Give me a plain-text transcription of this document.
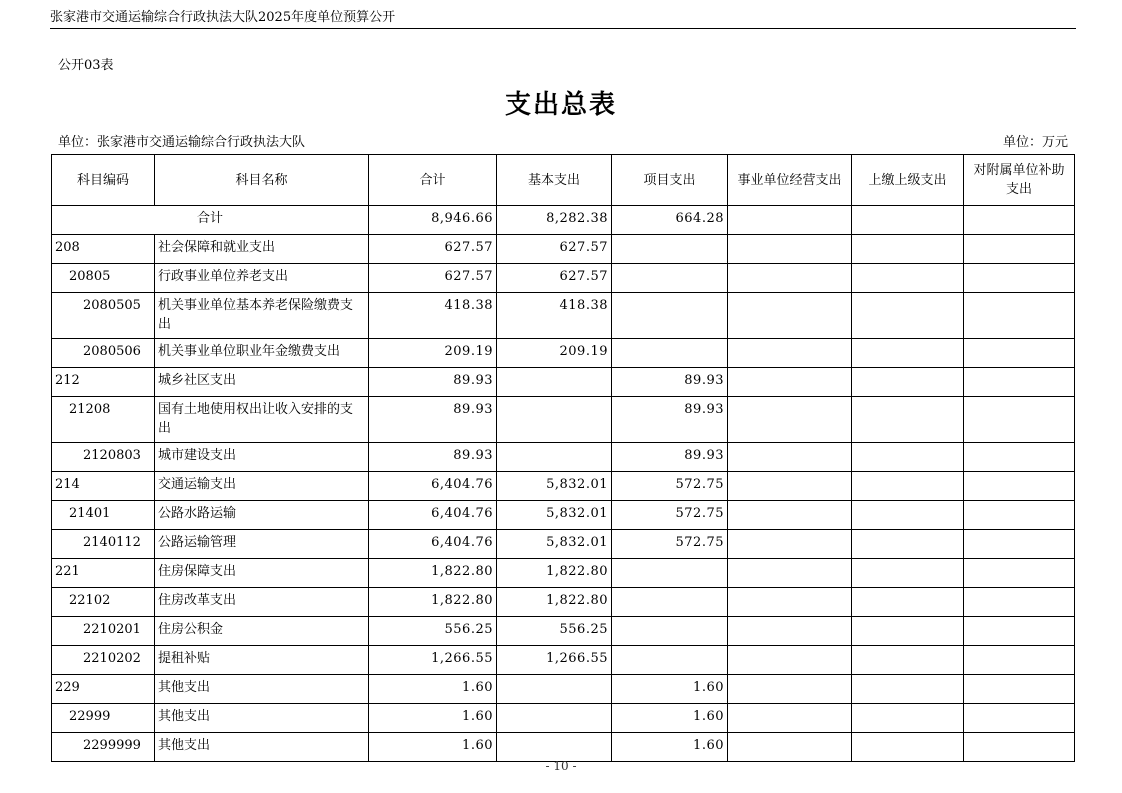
张家港市交通运输综合行政执法大队2025年度单位预算公开
公开03表
支出总表
单位：张家港市交通运输综合行政执法大队	单位：万元
科目编码	科目名称	合计	基本支出	项目支出	事业单位经营支出	上缴上级支出	对附属单位补助支出
合计		8,946.66	8,282.38	664.28			
208	社会保障和就业支出	627.57	627.57				
20805	行政事业单位养老支出	627.57	627.57				
2080505	机关事业单位基本养老保险缴费支出	418.38	418.38				
2080506	机关事业单位职业年金缴费支出	209.19	209.19				
212	城乡社区支出	89.93		89.93			
21208	国有土地使用权出让收入安排的支出	89.93		89.93			
2120803	城市建设支出	89.93		89.93			
214	交通运输支出	6,404.76	5,832.01	572.75			
21401	公路水路运输	6,404.76	5,832.01	572.75			
2140112	公路运输管理	6,404.76	5,832.01	572.75			
221	住房保障支出	1,822.80	1,822.80				
22102	住房改革支出	1,822.80	1,822.80				
2210201	住房公积金	556.25	556.25				
2210202	提租补贴	1,266.55	1,266.55				
229	其他支出	1.60		1.60			
22999	其他支出	1.60		1.60			
2299999	其他支出	1.60		1.60			
- 10 -
